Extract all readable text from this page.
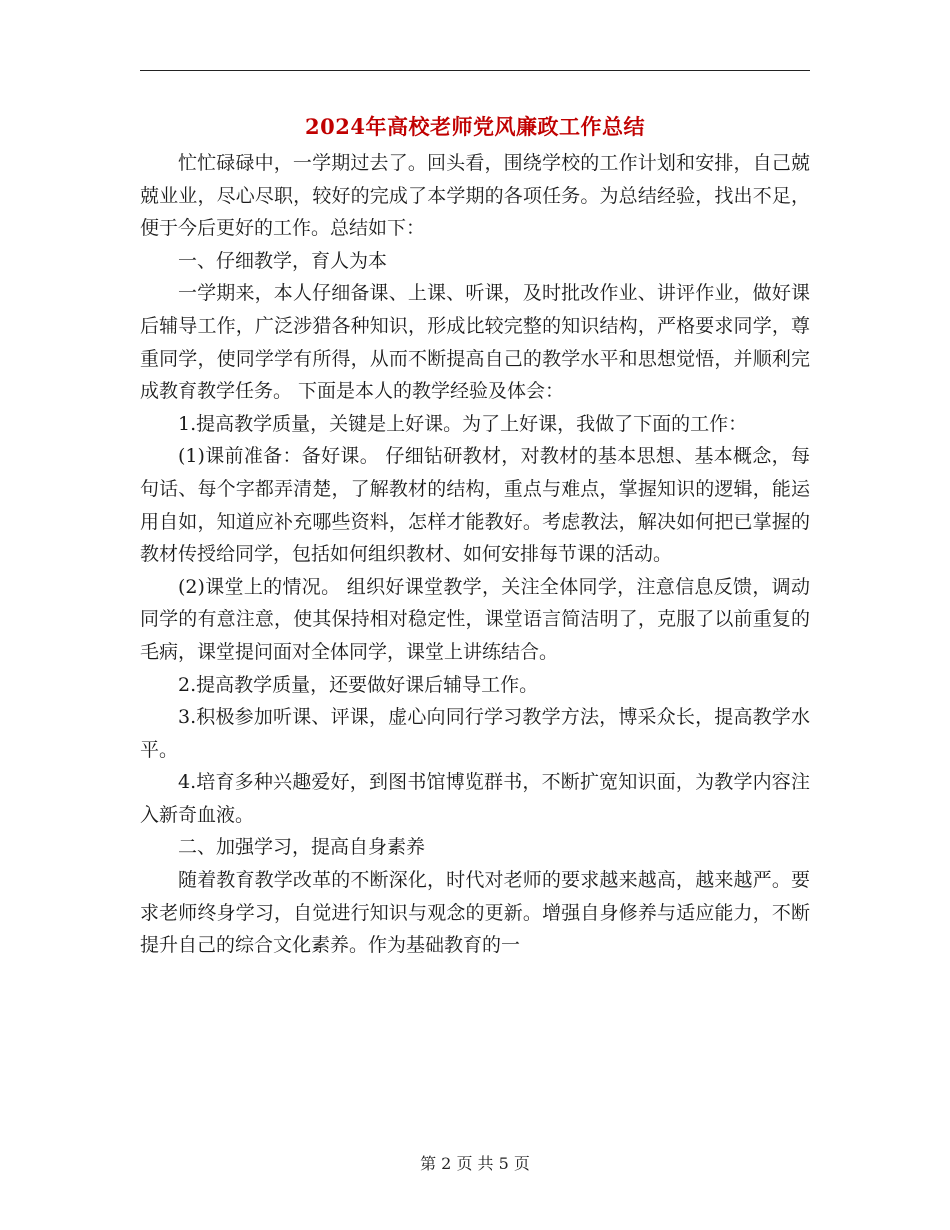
2024年高校老师党风廉政工作总结

忙忙碌碌中，一学期过去了。回头看，围绕学校的工作计划和安排，自己兢兢业业，尽心尽职，较好的完成了本学期的各项任务。为总结经验，找出不足，便于今后更好的工作。总结如下：

一、仔细教学，育人为本

一学期来，本人仔细备课、上课、听课，及时批改作业、讲评作业，做好课后辅导工作，广泛涉猎各种知识，形成比较完整的知识结构，严格要求同学，尊重同学，使同学学有所得，从而不断提高自己的教学水平和思想觉悟，并顺利完成教育教学任务。 下面是本人的教学经验及体会：

1.提高教学质量，关键是上好课。为了上好课，我做了下面的工作：

(1)课前准备：备好课。 仔细钻研教材，对教材的基本思想、基本概念，每句话、每个字都弄清楚，了解教材的结构，重点与难点，掌握知识的逻辑，能运用自如，知道应补充哪些资料，怎样才能教好。考虑教法，解决如何把已掌握的教材传授给同学，包括如何组织教材、如何安排每节课的活动。

(2)课堂上的情况。 组织好课堂教学，关注全体同学，注意信息反馈，调动同学的有意注意，使其保持相对稳定性，课堂语言简洁明了，克服了以前重复的毛病，课堂提问面对全体同学，课堂上讲练结合。

2.提高教学质量，还要做好课后辅导工作。

3.积极参加听课、评课，虚心向同行学习教学方法，博采众长，提高教学水平。

4.培育多种兴趣爱好，到图书馆博览群书，不断扩宽知识面，为教学内容注入新奇血液。

二、加强学习，提高自身素养

随着教育教学改革的不断深化，时代对老师的要求越来越高，越来越严。要求老师终身学习，自觉进行知识与观念的更新。增强自身修养与适应能力，不断提升自己的综合文化素养。作为基础教育的一

第 2 页 共 5 页
